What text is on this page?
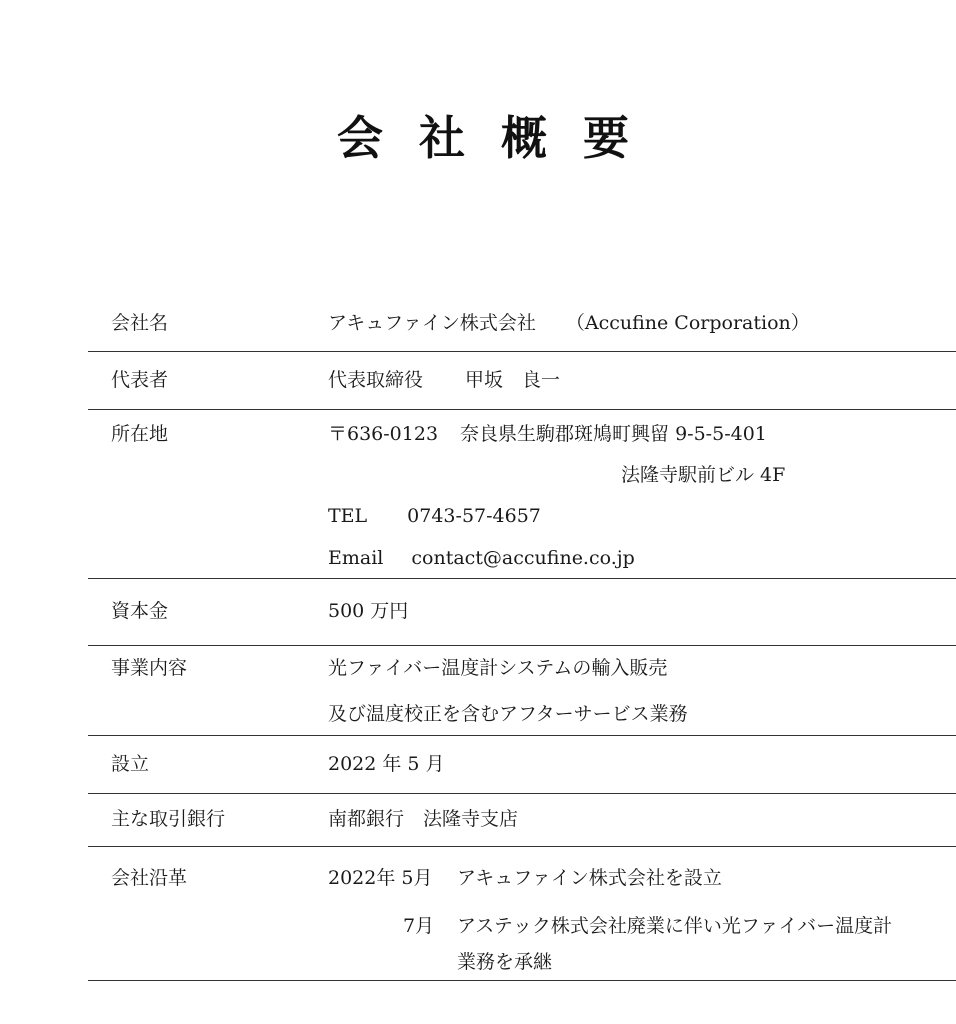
会 社 概 要
会社名	アキュファイン株式会社 （Accufine Corporation）
代表者	代表取締役 甲坂　良一
所在地	〒636-0123 奈良県生駒郡斑鳩町興留 9-5-5-401
法隆寺駅前ビル 4F
TEL 0743-57-4657
Email contact@accufine.co.jp
資本金	500 万円
事業内容	光ファイバー温度計システムの輸入販売
及び温度校正を含むアフターサービス業務
設立	2022 年 5 月
主な取引銀行	南都銀行　法隆寺支店
会社沿革	2022年 5月 アキュファイン株式会社を設立
7月 アステック株式会社廃業に伴い光ファイバー温度計
業務を承継
